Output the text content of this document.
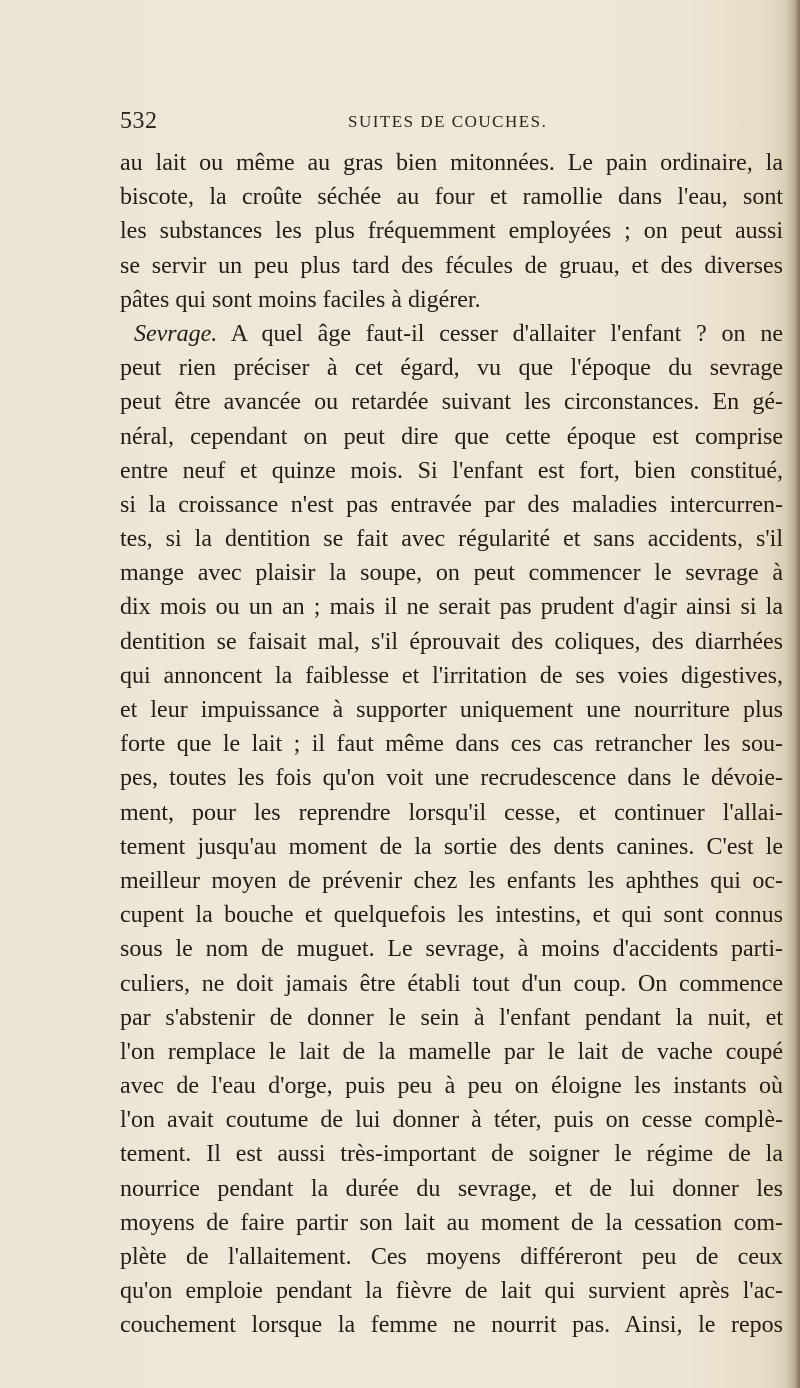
532	SUITES DE COUCHES.
au lait ou même au gras bien mitonnées. Le pain ordinaire, la
biscote, la croûte séchée au four et ramollie dans l'eau, sont
les substances les plus fréquemment employées ; on peut aussi
se servir un peu plus tard des fécules de gruau, et des diverses
pâtes qui sont moins faciles à digérer.
Sevrage. A quel âge faut-il cesser d'allaiter l'enfant ? on ne
peut rien préciser à cet égard, vu que l'époque du sevrage
peut être avancée ou retardée suivant les circonstances. En gé-
néral, cependant on peut dire que cette époque est comprise
entre neuf et quinze mois. Si l'enfant est fort, bien constitué,
si la croissance n'est pas entravée par des maladies intercurren-
tes, si la dentition se fait avec régularité et sans accidents, s'il
mange avec plaisir la soupe, on peut commencer le sevrage à
dix mois ou un an ; mais il ne serait pas prudent d'agir ainsi si la
dentition se faisait mal, s'il éprouvait des coliques, des diarrhées
qui annoncent la faiblesse et l'irritation de ses voies digestives,
et leur impuissance à supporter uniquement une nourriture plus
forte que le lait ; il faut même dans ces cas retrancher les sou-
pes, toutes les fois qu'on voit une recrudescence dans le dévoie-
ment, pour les reprendre lorsqu'il cesse, et continuer l'allai-
tement jusqu'au moment de la sortie des dents canines. C'est le
meilleur moyen de prévenir chez les enfants les aphthes qui oc-
cupent la bouche et quelquefois les intestins, et qui sont connus
sous le nom de muguet. Le sevrage, à moins d'accidents parti-
culiers, ne doit jamais être établi tout d'un coup. On commence
par s'abstenir de donner le sein à l'enfant pendant la nuit, et
l'on remplace le lait de la mamelle par le lait de vache coupé
avec de l'eau d'orge, puis peu à peu on éloigne les instants où
l'on avait coutume de lui donner à téter, puis on cesse complè-
tement. Il est aussi très-important de soigner le régime de la
nourrice pendant la durée du sevrage, et de lui donner les
moyens de faire partir son lait au moment de la cessation com-
plète de l'allaitement. Ces moyens différeront peu de ceux
qu'on emploie pendant la fièvre de lait qui survient après l'ac-
couchement lorsque la femme ne nourrit pas. Ainsi, le repos
